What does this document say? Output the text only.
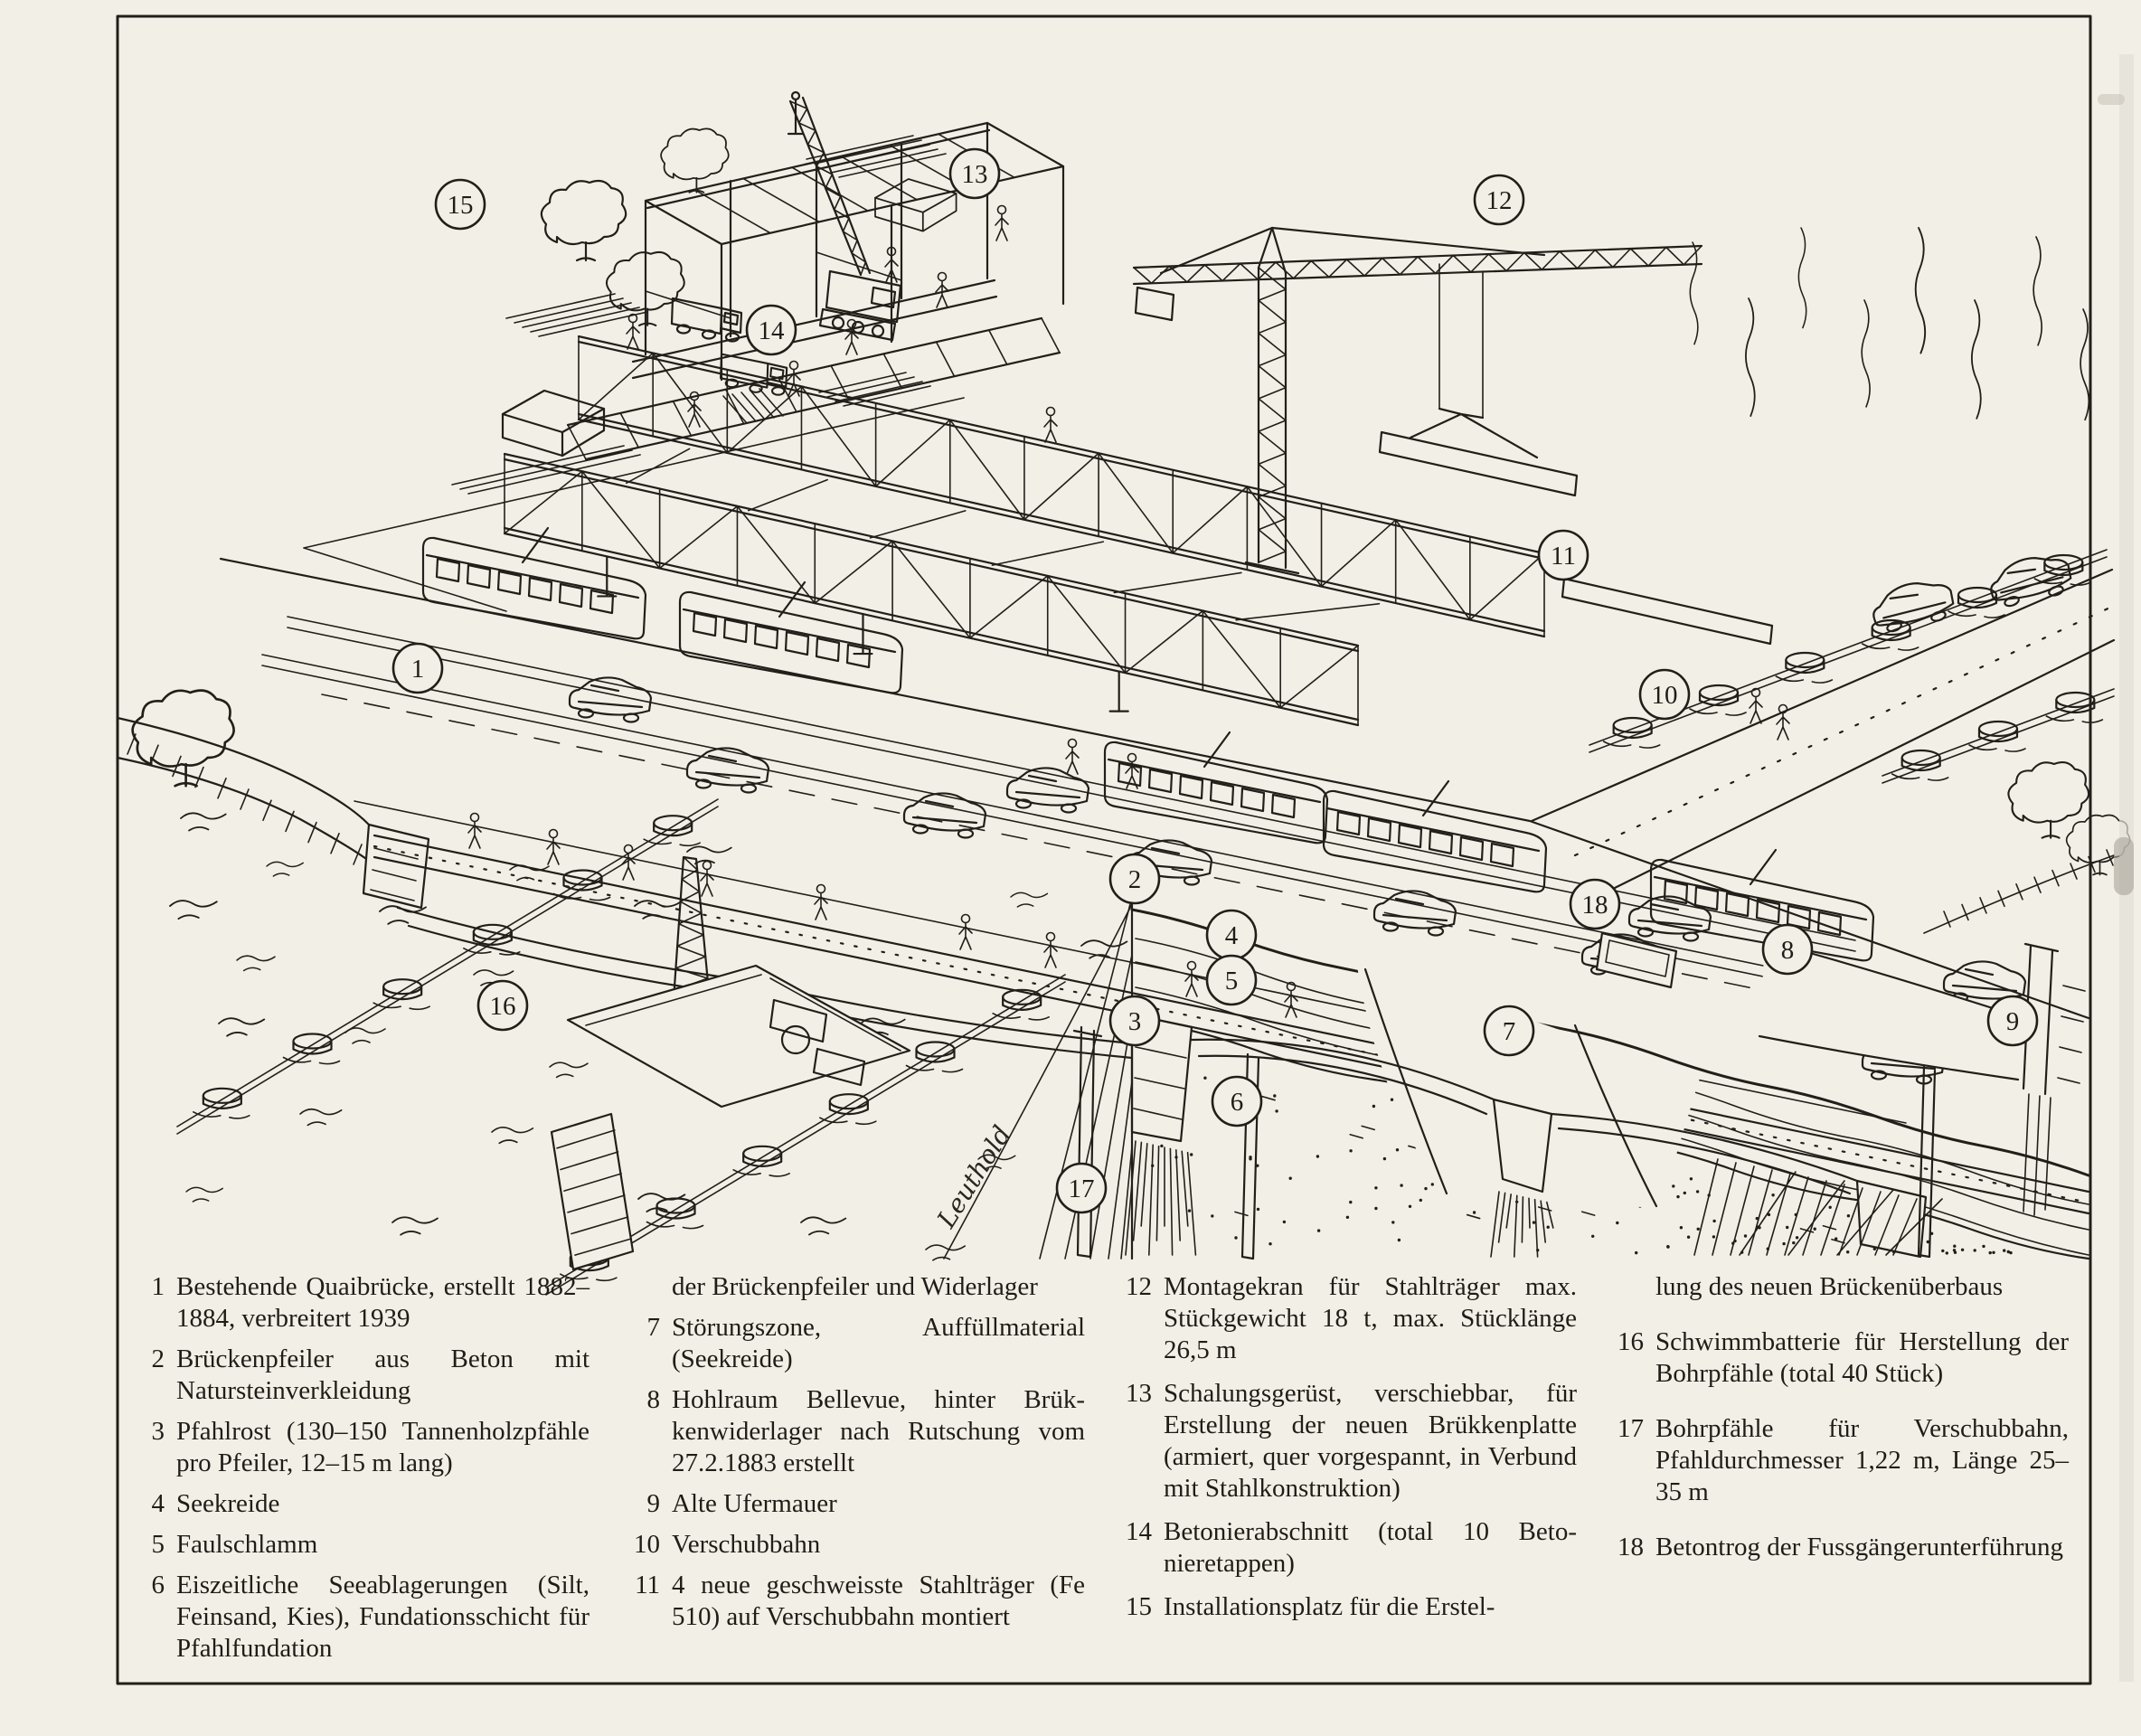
Leuthold
1
2
3
4
5
6
7
8
9
10
11
12
13
14
15
16
17
18
1 Bestehende Quaibrücke, erstellt 1882–1884, verbreitert 1939
2 Brückenpfeiler aus Beton mit Natursteinverkleidung
3 Pfahlrost (130–150 Tannenholzpfähle pro Pfeiler, 12–15 m lang)
4 Seekreide
5 Faulschlamm
6 Eiszeitliche Seeablagerungen (Silt, Feinsand, Kies), Fundationsschicht für Pfahlfundation
der Brückenpfeiler und Widerlager
7 Störungszone, Auffüllmaterial (Seekreide)
8 Hohlraum Bellevue, hinter Brükkenwiderlager nach Rutschung vom 27.2.1883 erstellt
9 Alte Ufermauer
10 Verschubbahn
11 4 neue geschweisste Stahlträger (Fe 510) auf Verschubbahn montiert
12 Montagekran für Stahlträger max. Stückgewicht 18 t, max. Stücklänge 26,5 m
13 Schalungsgerüst, verschiebbar, für Erstellung der neuen Brükkenplatte (armiert, quer vorgespannt, in Verbund mit Stahlkonstruktion)
14 Betonierabschnitt (total 10 Betonieretappen)
15 Installationsplatz für die Erstel-
lung des neuen Brückenüberbaus
16 Schwimmbatterie für Herstellung der Bohrpfähle (total 40 Stück)
17 Bohrpfähle für Verschubbahn, Pfahldurchmesser 1,22 m, Länge 25–35 m
18 Betontrog der Fussgängerunterführung
